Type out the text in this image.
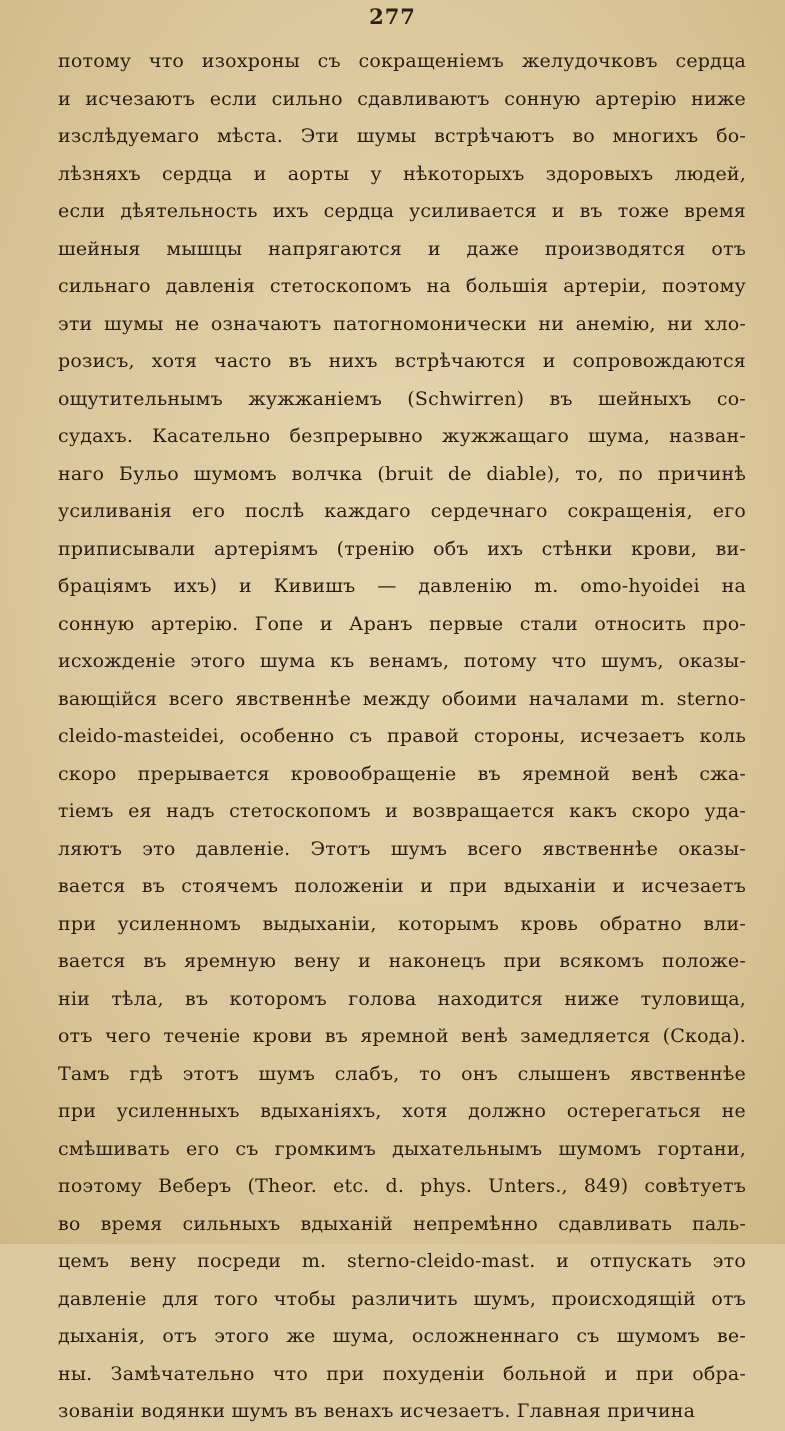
277
потому что изохроны съ сокращеніемъ желудочковъ сердца
и исчезаютъ если сильно сдавливаютъ сонную артерію ниже
изслѣдуемаго мѣста. Эти шумы встрѣчаютъ во многихъ бо-
лѣзняхъ сердца и аорты у нѣкоторыхъ здоровыхъ людей,
если дѣятельность ихъ сердца усиливается и въ тоже время
шейныя мышцы напрягаются и даже производятся отъ
сильнаго давленія стетоскопомъ на большія артеріи, поэтому
эти шумы не означаютъ патогномонически ни анемію, ни хло-
розисъ, хотя часто въ нихъ встрѣчаются и сопровождаются
ощутительнымъ жужжаніемъ (Schwirren) въ шейныхъ со-
судахъ. Касательно безпрерывно жужжащаго шума, назван-
наго Бульо шумомъ волчка (bruit de diable), то, по причинѣ
усиливанія его послѣ каждаго сердечнаго сокращенія, его
приписывали артеріямъ (тренію объ ихъ стѣнки крови, ви-
браціямъ ихъ) и Кивишъ — давленію m. omo-hyoidei на
сонную артерію. Гопе и Аранъ первые стали относить про-
исхожденіе этого шума къ венамъ, потому что шумъ, оказы-
вающійся всего явственнѣе между обоими началами m. sterno-
cleido-masteidei, особенно съ правой стороны, исчезаетъ коль
скоро прерывается кровообращеніе въ яремной венѣ сжа-
тіемъ ея надъ стетоскопомъ и возвращается какъ скоро уда-
ляютъ это давленіе. Этотъ шумъ всего явственнѣе оказы-
вается въ стоячемъ положеніи и при вдыханіи и исчезаетъ
при усиленномъ выдыханіи, которымъ кровь обратно вли-
вается въ яремную вену и наконецъ при всякомъ положе-
ніи тѣла, въ которомъ голова находится ниже туловища,
отъ чего теченіе крови въ яремной венѣ замедляется (Скода).
Тамъ гдѣ этотъ шумъ слабъ, то онъ слышенъ явственнѣе
при усиленныхъ вдыханіяхъ, хотя должно остерегаться не
смѣшивать его съ громкимъ дыхательнымъ шумомъ гортани,
поэтому Веберъ (Theor. etc. d. phys. Unters., 849) совѣтуетъ
во время сильныхъ вдыханій непремѣнно сдавливать паль-
цемъ вену посреди m. sterno-cleido-mast. и отпускать это
давленіе для того чтобы различить шумъ, происходящій отъ
дыханія, отъ этого же шума, осложненнаго съ шумомъ ве-
ны. Замѣчательно что при похуденіи больной и при обра-
зованіи водянки шумъ въ венахъ исчезаетъ. Главная причина
